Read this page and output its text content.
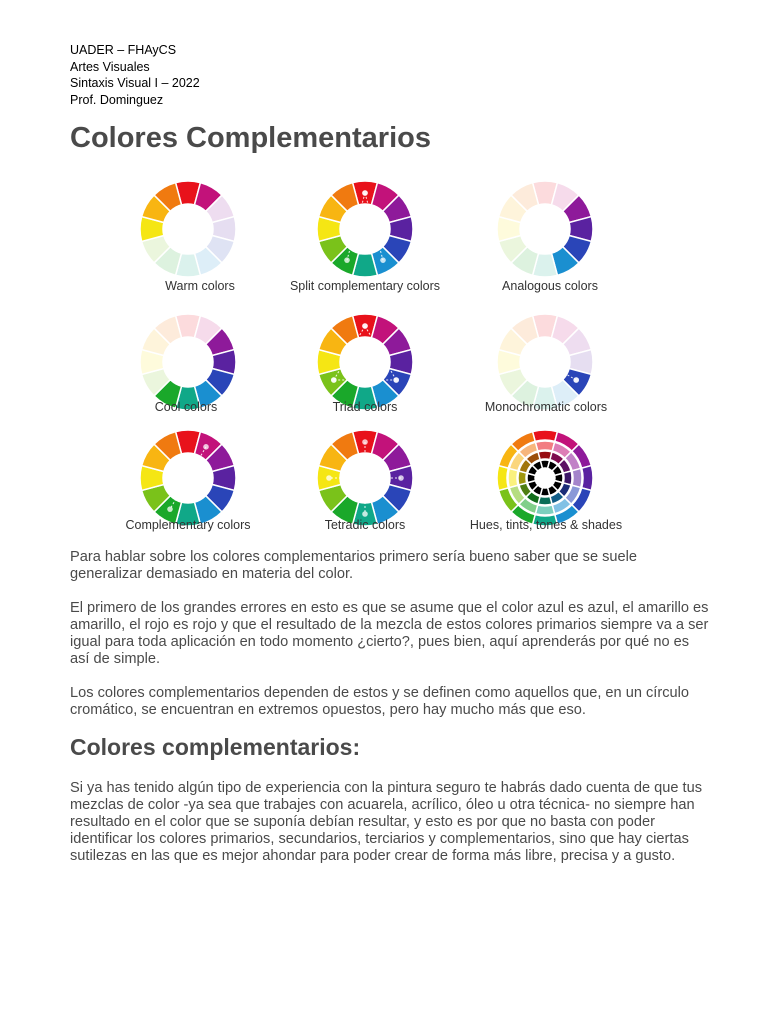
UADER – FHAyCS
Artes Visuales
Sintaxis Visual I – 2022
Prof. Dominguez
Colores Complementarios
Warm colors	Split complementary colors	Analogous colors
Cool colors	Triad colors	Monochromatic colors
Complementary colors	Tetradic colors	Hues, tints, tones & shades

Para hablar sobre los colores complementarios primero sería bueno saber que se suele generalizar demasiado en materia del color.

El primero de los grandes errores en esto es que se asume que el color azul es azul, el amarillo es amarillo, el rojo es rojo y que el resultado de la mezcla de estos colores primarios siempre va a ser igual para toda aplicación en todo momento ¿cierto?, pues bien, aquí aprenderás por qué no es así de simple.

Los colores complementarios dependen de estos y se definen como aquellos que, en un círculo cromático, se encuentran en extremos opuestos, pero hay mucho más que eso.

Colores complementarios:

Si ya has tenido algún tipo de experiencia con la pintura seguro te habrás dado cuenta de que tus mezclas de color -ya sea que trabajes con acuarela, acrílico, óleo u otra técnica- no siempre han resultado en el color que se suponía debían resultar, y esto es por que no basta con poder identificar los colores primarios, secundarios, terciarios y complementarios, sino que hay ciertas sutilezas en las que es mejor ahondar para poder crear de forma más libre, precisa y a gusto.
